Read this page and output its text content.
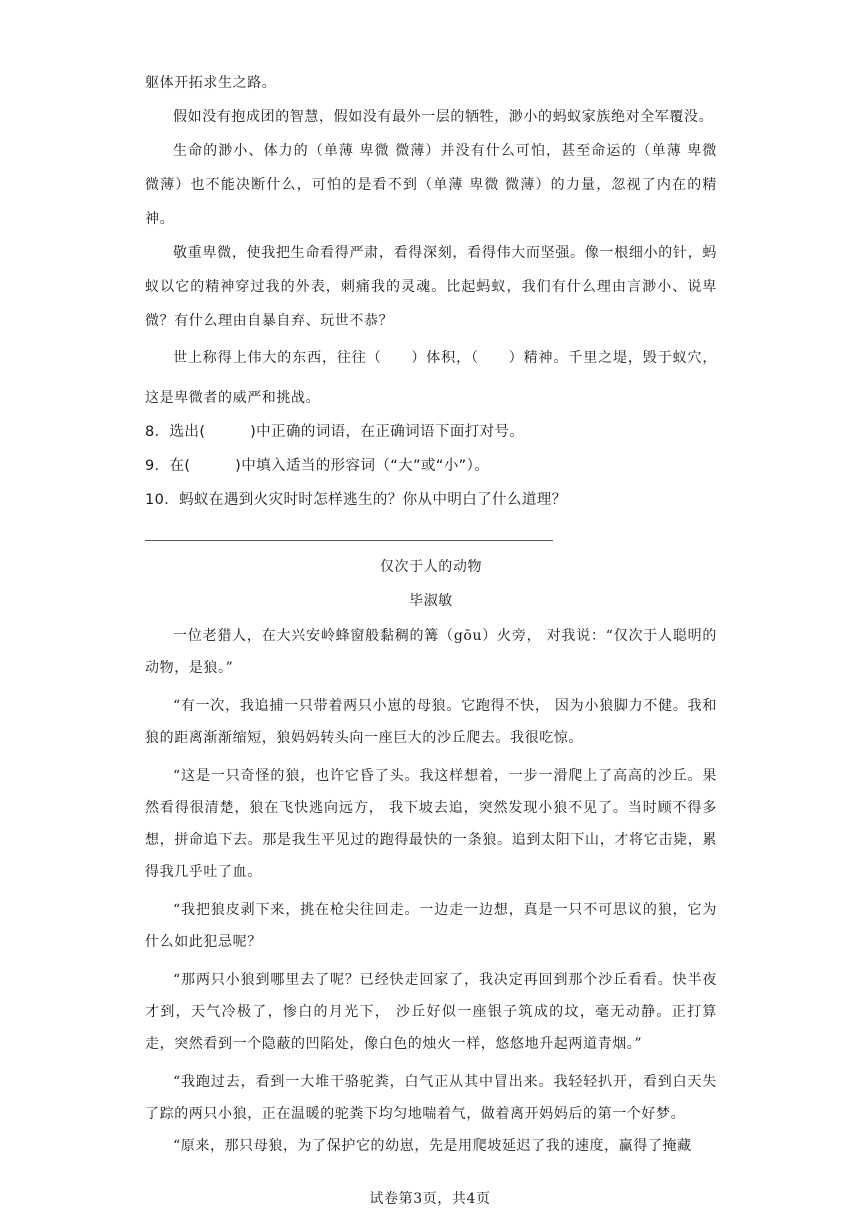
躯体开拓求生之路。

假如没有抱成团的智慧，假如没有最外一层的牺牲，渺小的蚂蚁家族绝对全军覆没。

生命的渺小、体力的（单薄 卑微 微薄）并没有什么可怕，甚至命运的（单薄 卑微 微薄）也不能决断什么，可怕的是看不到（单薄 卑微 微薄）的力量，忽视了内在的精神。

敬重卑微，使我把生命看得严肃，看得深刻，看得伟大而坚强。像一根细小的针，蚂蚁以它的精神穿过我的外表，刺痛我的灵魂。比起蚂蚁，我们有什么理由言渺小、说卑微？有什么理由自暴自弃、玩世不恭？

世上称得上伟大的东西，往往（　　）体积，（　　）精神。千里之堤，毁于蚁穴，这是卑微者的威严和挑战。

8．选出(　　　)中正确的词语，在正确词语下面打对号。
9．在(　　　)中填入适当的形容词（“大”或“小”）。
10．蚂蚁在遇到火灾时时怎样逃生的？你从中明白了什么道理？
仅次于人的动物
毕淑敏

一位老猎人，在大兴安岭蜂窗般黏稠的篝（gōu）火旁， 对我说：“仅次于人聪明的动物，是狼。”

“有一次，我追捕一只带着两只小崽的母狼。它跑得不快， 因为小狼脚力不健。我和狼的距离渐渐缩短，狼妈妈转头向一座巨大的沙丘爬去。我很吃惊。

“这是一只奇怪的狼，也许它昏了头。我这样想着，一步一滑爬上了高高的沙丘。果然看得很清楚，狼在飞快逃向远方， 我下坡去追，突然发现小狼不见了。当时顾不得多想，拼命追下去。那是我生平见过的跑得最快的一条狼。追到太阳下山，才将它击毙，累得我几乎吐了血。

“我把狼皮剥下来，挑在枪尖往回走。一边走一边想，真是一只不可思议的狼，它为什么如此犯忌呢？

“那两只小狼到哪里去了呢？已经快走回家了，我决定再回到那个沙丘看看。快半夜才到，天气冷极了，惨白的月光下， 沙丘好似一座银子筑成的坟，毫无动静。正打算走，突然看到一个隐蔽的凹陷处，像白色的烛火一样，悠悠地升起两道青烟。”

“我跑过去，看到一大堆干骆驼粪，白气正从其中冒出来。我轻轻扒开，看到白天失了踪的两只小狼，正在温暖的驼粪下均匀地喘着气，做着离开妈妈后的第一个好梦。

“原来，那只母狼，为了保护它的幼崽，先是用爬坡延迟了我的速度，赢得了掩藏

试卷第3页，共4页
